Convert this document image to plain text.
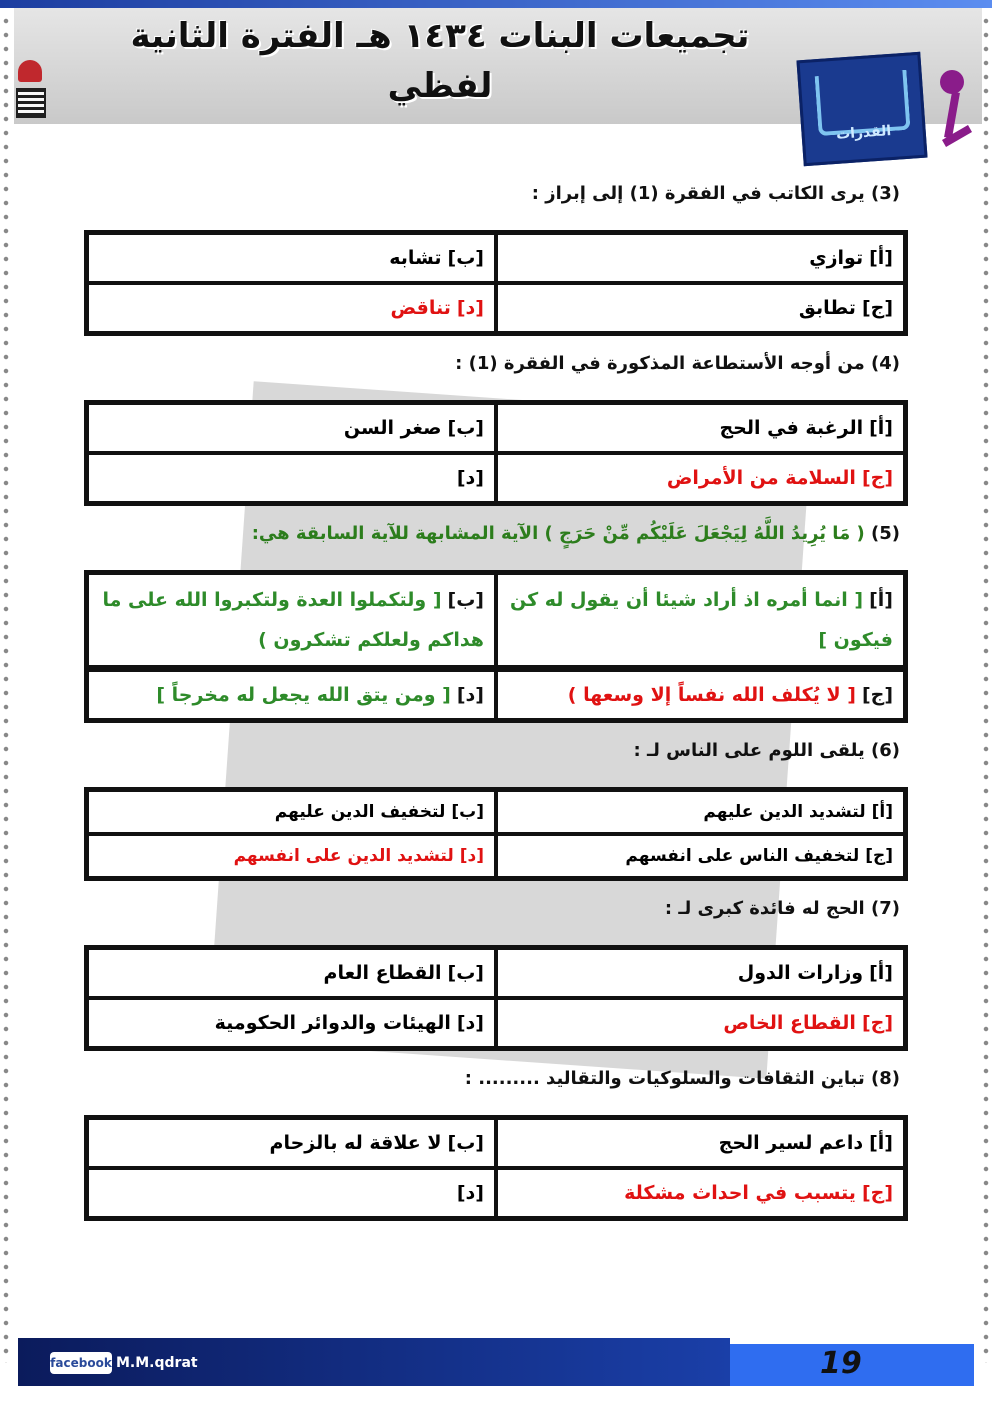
تجميعات البنات ١٤٣٤ هـ الفترة الثانية
لفظي
القدرات
(3) يرى الكاتب في الفقرة (1) إلى إبراز :
[أ]توازي	[ب]تشابه
[ج]تطابق	[د]تناقض
(4) من أوجه الأستطاعة المذكورة في الفقرة (1) :
[أ]الرغبة في الحج	[ب]صغر السن
[ج]السلامة من الأمراض	[د]
(5) ( مَا يُرِيدُ اللَّهُ لِيَجْعَلَ عَلَيْكُم مِّنْ حَرَجٍ ) الآية المشابهة للآية السابقة هي:
[أ][ انما أمره اذ أراد شيئا أن يقول له كن فيكون ]	[ب][ ولتكملوا العدة ولتكبروا الله على ما هداكم ولعلكم تشكرون )
[ج][ لا يُكلف الله نفساً إلا وسعها )	[د][ ومن يتق الله يجعل له مخرجاً ]
(6) يلقى اللوم على الناس لـ :
[أ]لتشديد الدين عليهم	[ب]لتخفيف الدين عليهم
[ج]لتخفيف الناس على انفسهم	[د]لتشديد الدين على انفسهم
(7) الحج له فائدة كبرى لـ :
[أ]وزارات الدول	[ب]القطاع العام
[ج]القطاع الخاص	[د]الهيئات والدوائر الحكومية
(8) تباين الثقافات والسلوكيات والتقاليد ......... :
[أ]داعم لسير الحج	[ب]لا علاقة له بالزحام
[ج]يتسبب في احداث مشكلة	[د]
facebook M.M.qdrat	19
